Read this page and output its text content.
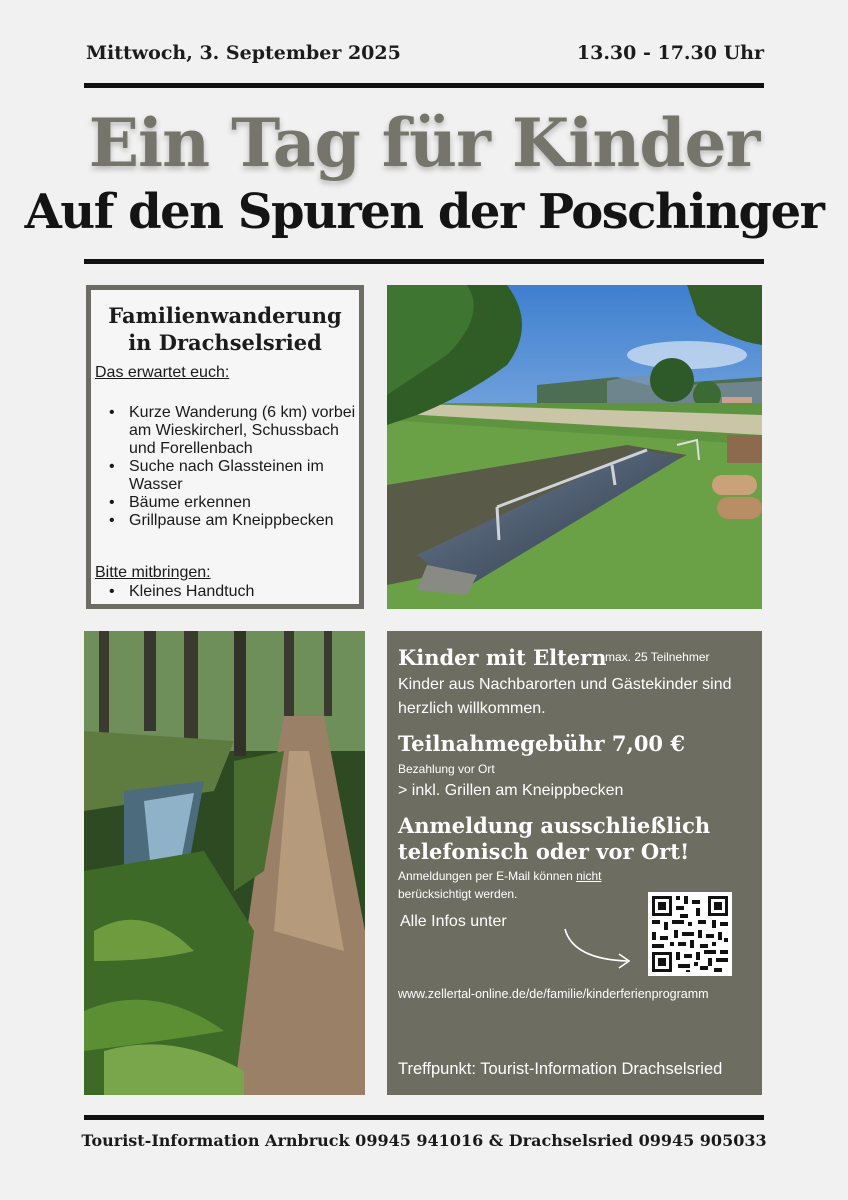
Mittwoch, 3. September 2025	13.30 - 17.30 Uhr
Ein Tag für Kinder
Auf den Spuren der Poschinger
Familienwanderung
in Drachselsried
Das erwartet euch:
• Kurze Wanderung (6 km) vorbei am Wieskircherl, Schussbach und Forellenbach
• Suche nach Glassteinen im Wasser
• Bäume erkennen
• Grillpause am Kneippbecken
Bitte mitbringen:
• Kleines Handtuch
Kinder mit Eltern
max. 25 Teilnehmer
Kinder aus Nachbarorten und Gästekinder sind herzlich willkommen.
Teilnahmegebühr 7,00 €
Bezahlung vor Ort
> inkl. Grillen am Kneippbecken
Anmeldung ausschließlich
telefonisch oder vor Ort!
Anmeldungen per E-Mail können nicht
berücksichtigt werden.
Alle Infos unter
www.zellertal-online.de/de/familie/kinderferienprogramm
Treffpunkt: Tourist-Information Drachselsried
Tourist-Information Arnbruck 09945 941016 & Drachselsried 09945 905033
